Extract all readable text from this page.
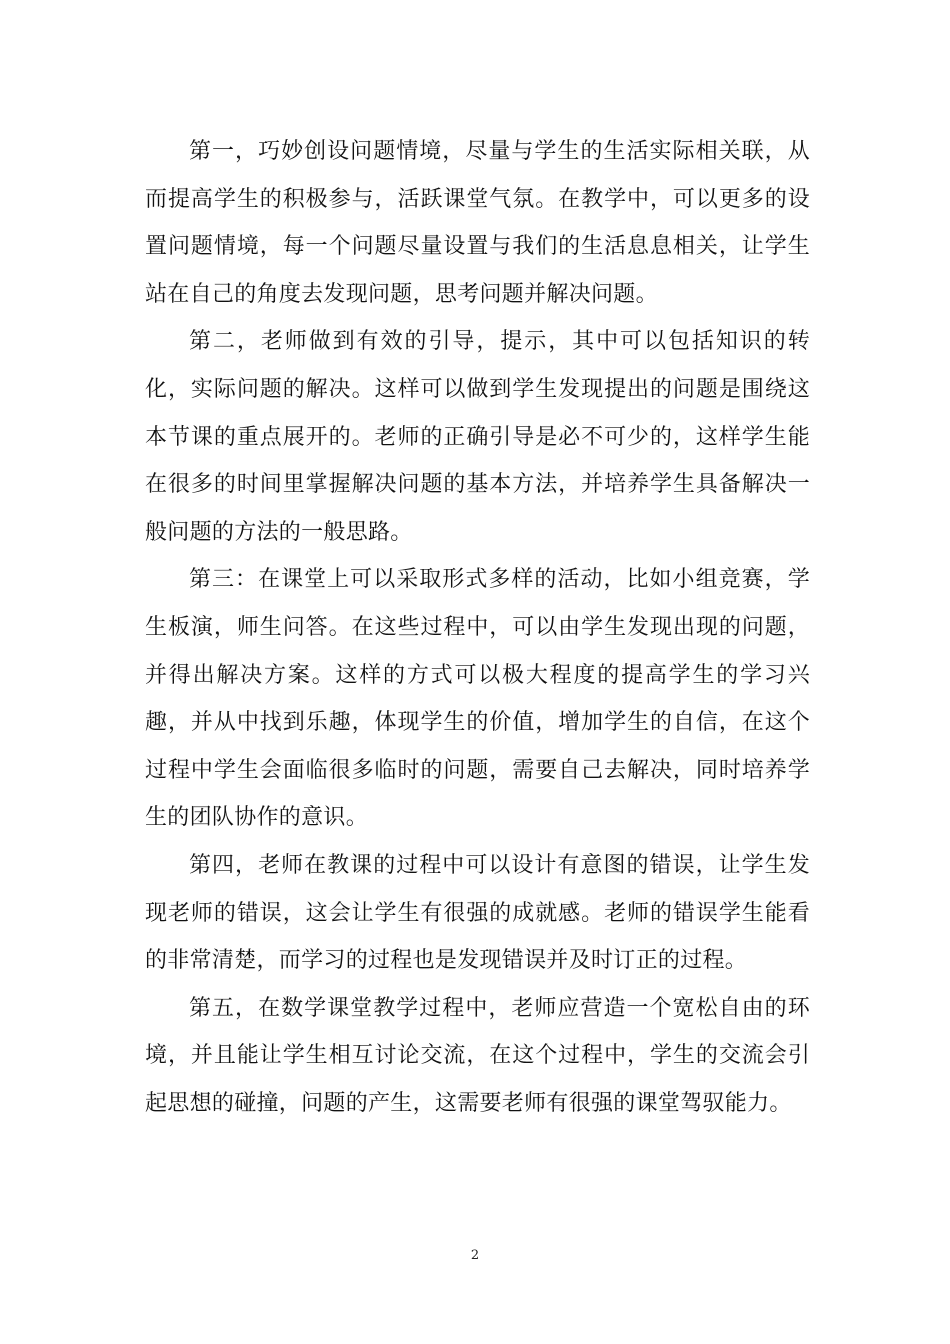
第一，巧妙创设问题情境，尽量与学生的生活实际相关联，从而提高学生的积极参与，活跃课堂气氛。在教学中，可以更多的设置问题情境，每一个问题尽量设置与我们的生活息息相关，让学生站在自己的角度去发现问题，思考问题并解决问题。

第二，老师做到有效的引导，提示，其中可以包括知识的转化，实际问题的解决。这样可以做到学生发现提出的问题是围绕这本节课的重点展开的。老师的正确引导是必不可少的，这样学生能在很多的时间里掌握解决问题的基本方法，并培养学生具备解决一般问题的方法的一般思路。

第三：在课堂上可以采取形式多样的活动，比如小组竞赛，学生板演，师生问答。在这些过程中，可以由学生发现出现的问题，并得出解决方案。这样的方式可以极大程度的提高学生的学习兴趣，并从中找到乐趣，体现学生的价值，增加学生的自信，在这个过程中学生会面临很多临时的问题，需要自己去解决，同时培养学生的团队协作的意识。

第四，老师在教课的过程中可以设计有意图的错误，让学生发现老师的错误，这会让学生有很强的成就感。老师的错误学生能看的非常清楚，而学习的过程也是发现错误并及时订正的过程。

第五，在数学课堂教学过程中，老师应营造一个宽松自由的环境，并且能让学生相互讨论交流，在这个过程中，学生的交流会引起思想的碰撞，问题的产生，这需要老师有很强的课堂驾驭能力。

2
